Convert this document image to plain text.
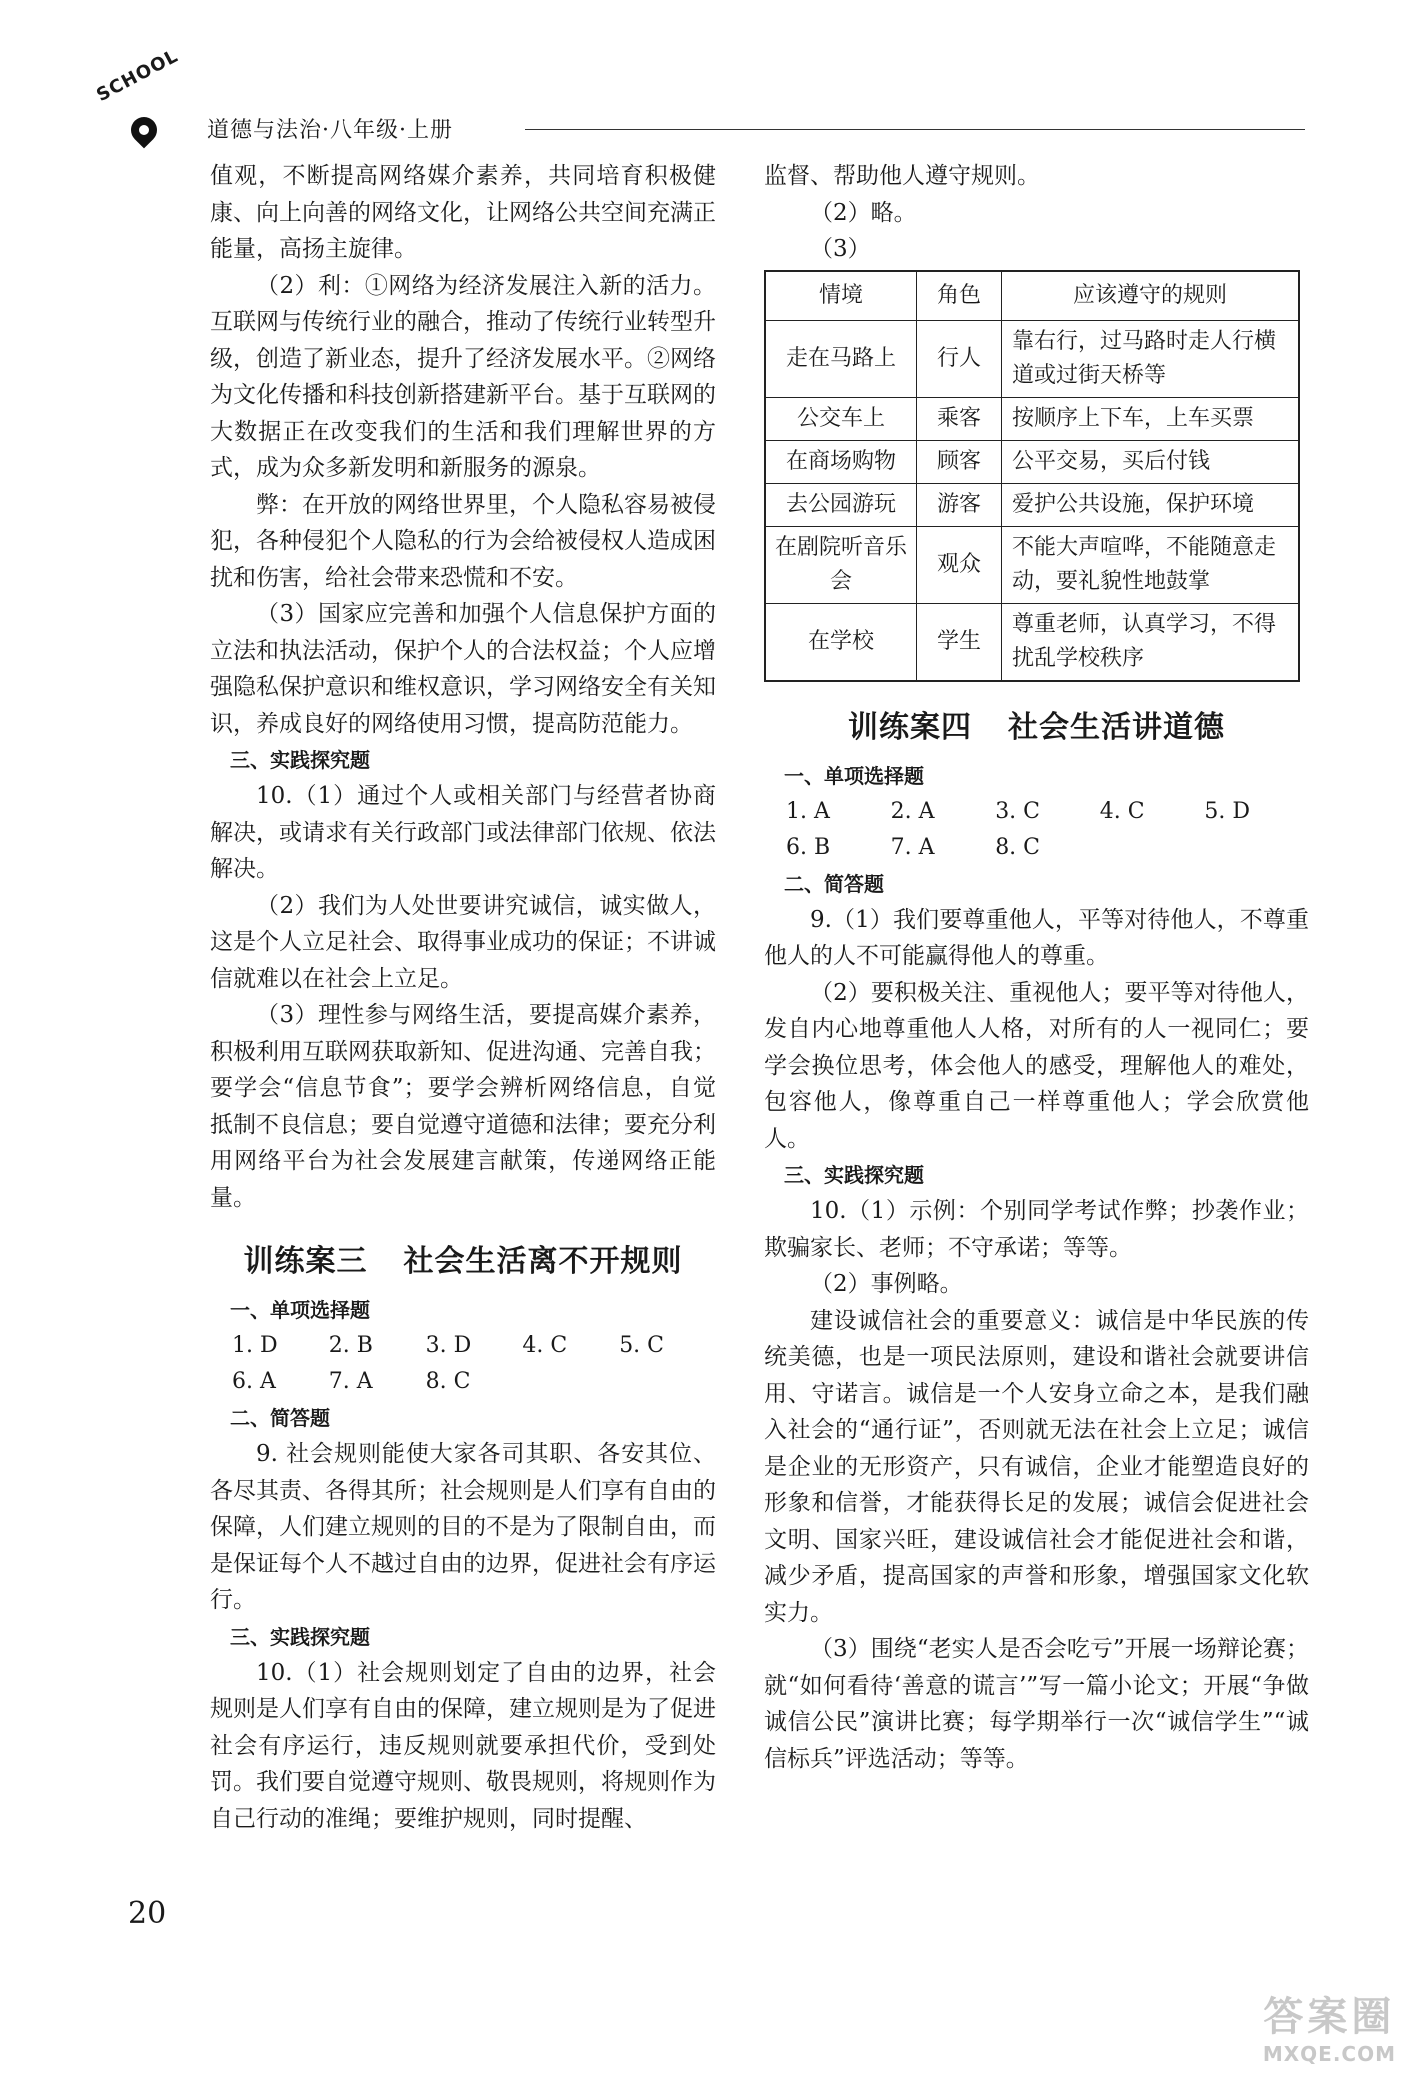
SCHOOL
道德与法治·八年级·上册

值观，不断提高网络媒介素养，共同培育积极健康、向上向善的网络文化，让网络公共空间充满正能量，高扬主旋律。

（2）利：①网络为经济发展注入新的活力。互联网与传统行业的融合，推动了传统行业转型升级，创造了新业态，提升了经济发展水平。②网络为文化传播和科技创新搭建新平台。基于互联网的大数据正在改变我们的生活和我们理解世界的方式，成为众多新发明和新服务的源泉。

弊：在开放的网络世界里，个人隐私容易被侵犯，各种侵犯个人隐私的行为会给被侵权人造成困扰和伤害，给社会带来恐慌和不安。

（3）国家应完善和加强个人信息保护方面的立法和执法活动，保护个人的合法权益；个人应增强隐私保护意识和维权意识，学习网络安全有关知识，养成良好的网络使用习惯，提高防范能力。

三、实践探究题

10.（1）通过个人或相关部门与经营者协商解决，或请求有关行政部门或法律部门依规、依法解决。

（2）我们为人处世要讲究诚信，诚实做人，这是个人立足社会、取得事业成功的保证；不讲诚信就难以在社会上立足。

（3）理性参与网络生活，要提高媒介素养，积极利用互联网获取新知、促进沟通、完善自我；要学会“信息节食”；要学会辨析网络信息，自觉抵制不良信息；要自觉遵守道德和法律；要充分利用网络平台为社会发展建言献策，传递网络正能量。

训练案三 社会生活离不开规则
一、单项选择题
1. D	2. B	3. D	4. C	5. C
6. A	7. A	8. C
二、简答题

9. 社会规则能使大家各司其职、各安其位、各尽其责、各得其所；社会规则是人们享有自由的保障，人们建立规则的目的不是为了限制自由，而是保证每个人不越过自由的边界，促进社会有序运行。

三、实践探究题

10.（1）社会规则划定了自由的边界，社会规则是人们享有自由的保障，建立规则是为了促进社会有序运行，违反规则就要承担代价，受到处罚。我们要自觉遵守规则、敬畏规则，将规则作为自己行动的准绳；要维护规则，同时提醒、

监督、帮助他人遵守规则。

（2）略。

（3）

情境	角色	应该遵守的规则
走在马路上	行人	靠右行，过马路时走人行横道或过街天桥等
公交车上	乘客	按顺序上下车，上车买票
在商场购物	顾客	公平交易，买后付钱
去公园游玩	游客	爱护公共设施，保护环境
在剧院听音乐会	观众	不能大声喧哗，不能随意走动，要礼貌性地鼓掌
在学校	学生	尊重老师，认真学习，不得扰乱学校秩序
训练案四 社会生活讲道德
一、单项选择题
1. A	2. A	3. C	4. C	5. D
6. B	7. A	8. C
二、简答题

9.（1）我们要尊重他人，平等对待他人，不尊重他人的人不可能赢得他人的尊重。

（2）要积极关注、重视他人；要平等对待他人，发自内心地尊重他人人格，对所有的人一视同仁；要学会换位思考，体会他人的感受，理解他人的难处，包容他人，像尊重自己一样尊重他人；学会欣赏他人。

三、实践探究题

10.（1）示例：个别同学考试作弊；抄袭作业；欺骗家长、老师；不守承诺；等等。

（2）事例略。

建设诚信社会的重要意义：诚信是中华民族的传统美德，也是一项民法原则，建设和谐社会就要讲信用、守诺言。诚信是一个人安身立命之本，是我们融入社会的“通行证”，否则就无法在社会上立足；诚信是企业的无形资产，只有诚信，企业才能塑造良好的形象和信誉，才能获得长足的发展；诚信会促进社会文明、国家兴旺，建设诚信社会才能促进社会和谐，减少矛盾，提高国家的声誉和形象，增强国家文化软实力。

（3）围绕“老实人是否会吃亏”开展一场辩论赛；就“如何看待‘善意的谎言’”写一篇小论文；开展“争做诚信公民”演讲比赛；每学期举行一次“诚信学生”“诚信标兵”评选活动；等等。

20
答案圈
MXQE.COM
